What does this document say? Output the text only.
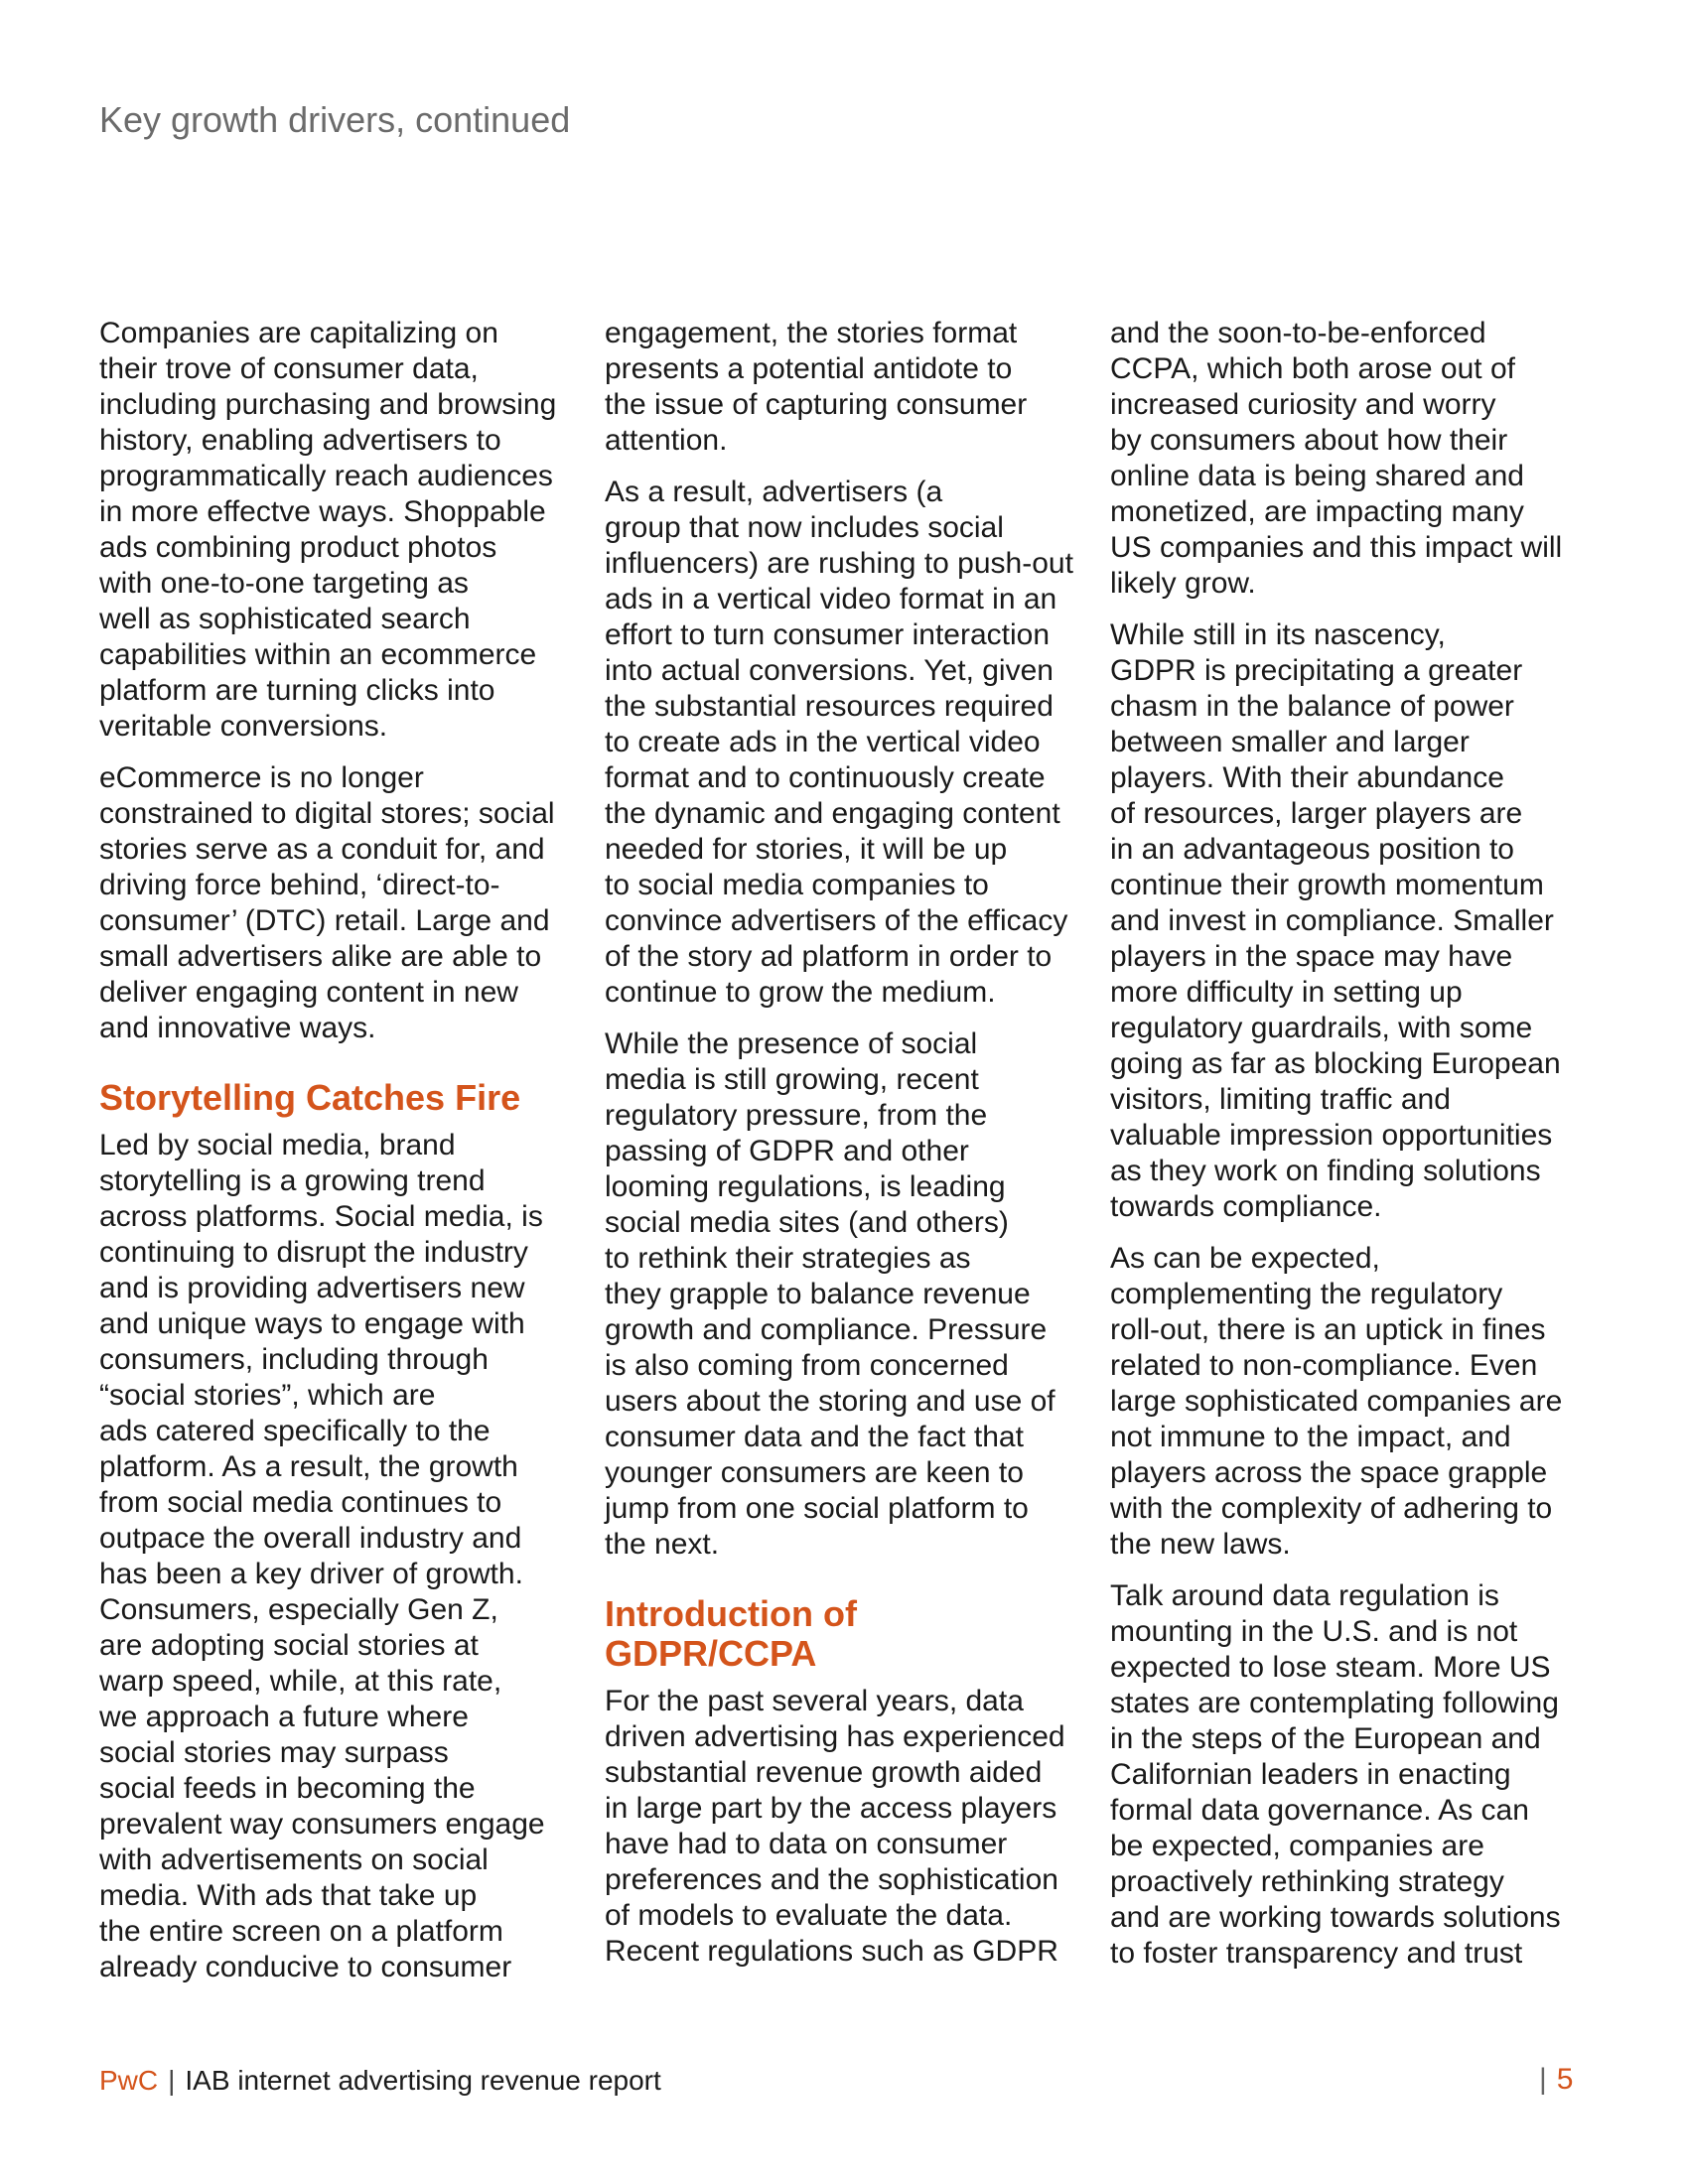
Key growth drivers, continued

Companies are capitalizing on
their trove of consumer data,
including purchasing and browsing
history, enabling advertisers to
programmatically reach audiences
in more effectve ways. Shoppable
ads combining product photos
with one-to-one targeting as
well as sophisticated search
capabilities within an ecommerce
platform are turning clicks into
veritable conversions.

eCommerce is no longer
constrained to digital stores; social
stories serve as a conduit for, and
driving force behind, ‘direct-to-
consumer’ (DTC) retail. Large and
small advertisers alike are able to
deliver engaging content in new
and innovative ways.

Storytelling Catches Fire

Led by social media, brand
storytelling is a growing trend
across platforms. Social media, is
continuing to disrupt the industry
and is providing advertisers new
and unique ways to engage with
consumers, including through
“social stories”, which are
ads catered specifically to the
platform. As a result, the growth
from social media continues to
outpace the overall industry and
has been a key driver of growth.
Consumers, especially Gen Z,
are adopting social stories at
warp speed, while, at this rate,
we approach a future where
social stories may surpass
social feeds in becoming the
prevalent way consumers engage
with advertisements on social
media. With ads that take up
the entire screen on a platform
already conducive to consumer

engagement, the stories format
presents a potential antidote to
the issue of capturing consumer
attention.

As a result, advertisers (a
group that now includes social
influencers) are rushing to push-out
ads in a vertical video format in an
effort to turn consumer interaction
into actual conversions. Yet, given
the substantial resources required
to create ads in the vertical video
format and to continuously create
the dynamic and engaging content
needed for stories, it will be up
to social media companies to
convince advertisers of the efficacy
of the story ad platform in order to
continue to grow the medium.

While the presence of social
media is still growing, recent
regulatory pressure, from the
passing of GDPR and other
looming regulations, is leading
social media sites (and others)
to rethink their strategies as
they grapple to balance revenue
growth and compliance. Pressure
is also coming from concerned
users about the storing and use of
consumer data and the fact that
younger consumers are keen to
jump from one social platform to
the next.

Introduction of
GDPR/CCPA

For the past several years, data
driven advertising has experienced
substantial revenue growth aided
in large part by the access players
have had to data on consumer
preferences and the sophistication
of models to evaluate the data.
Recent regulations such as GDPR

and the soon-to-be-enforced
CCPA, which both arose out of
increased curiosity and worry
by consumers about how their
online data is being shared and
monetized, are impacting many
US companies and this impact will
likely grow.

While still in its nascency,
GDPR is precipitating a greater
chasm in the balance of power
between smaller and larger
players. With their abundance
of resources, larger players are
in an advantageous position to
continue their growth momentum
and invest in compliance. Smaller
players in the space may have
more difficulty in setting up
regulatory guardrails, with some
going as far as blocking European
visitors, limiting traffic and
valuable impression opportunities
as they work on finding solutions
towards compliance.

As can be expected,
complementing the regulatory
roll-out, there is an uptick in fines
related to non-compliance. Even
large sophisticated companies are
not immune to the impact, and
players across the space grapple
with the complexity of adhering to
the new laws.

Talk around data regulation is
mounting in the U.S. and is not
expected to lose steam. More US
states are contemplating following
in the steps of the European and
Californian leaders in enacting
formal data governance. As can
be expected, companies are
proactively rethinking strategy
and are working towards solutions
to foster transparency and trust

PwC | IAB internet advertising revenue report	| 5
